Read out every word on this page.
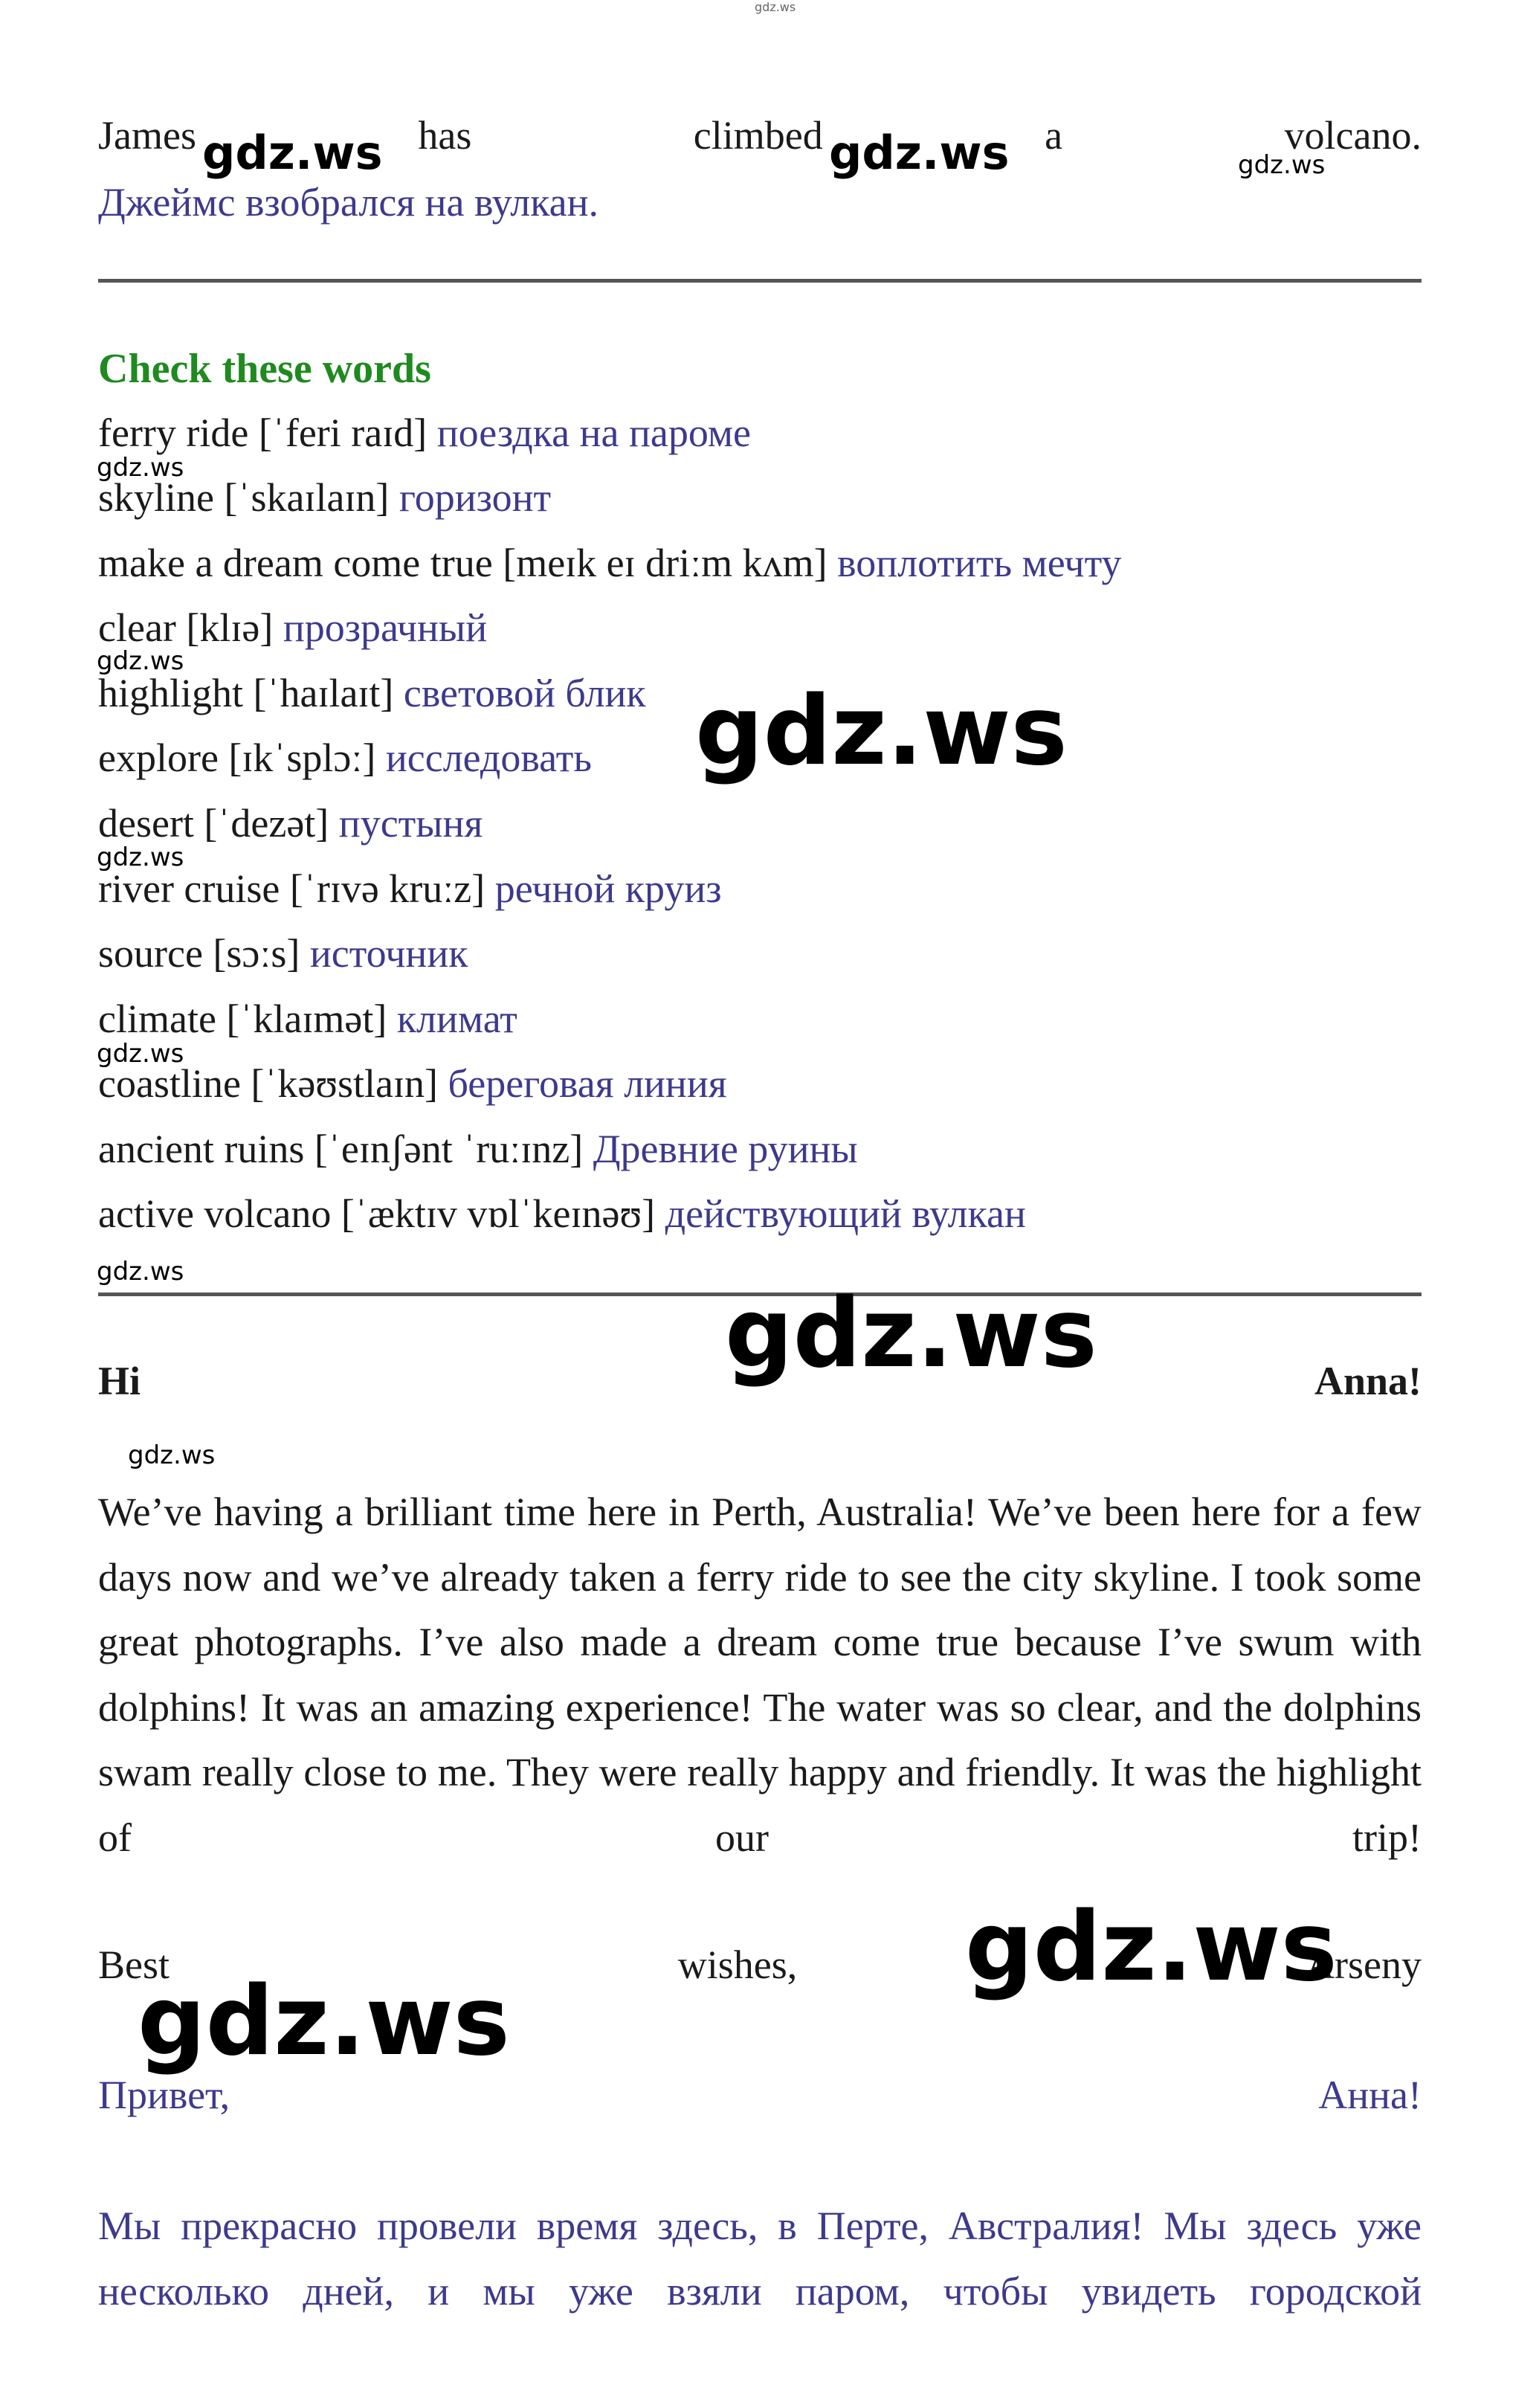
gdz.ws
James	has	climbed	a	volcano.
Джеймс взобрался на вулкан.
gdz.ws	gdz.ws	gdz.ws
Check these words
ferry ride [ˈferi raɪd] поездка на пароме
skyline [ˈskaɪlaɪn] горизонт
make a dream come true [meɪk eɪ driːm kʌm] воплотить мечту
clear [klɪə] прозрачный
highlight [ˈhaɪlaɪt] световой блик
explore [ɪkˈsplɔː] исследовать
desert [ˈdezət] пустыня
river cruise [ˈrɪvə kruːz] речной круиз
source [sɔːs] источник
climate [ˈklaɪmət] климат
coastline [ˈkəʊstlaɪn] береговая линия
ancient ruins [ˈeɪnʃənt ˈruːɪnz] Древние руины
active volcano [ˈæktɪv vɒlˈkeɪnəʊ] действующий вулкан
gdz.ws
gdz.ws
gdz.ws
gdz.ws
gdz.ws
gdz.ws
Hi	Anna!
gdz.ws
gdz.ws
We’ve having a brilliant time here in Perth, Australia! We’ve been here for a few days now and we’ve already taken a ferry ride to see the city skyline. I took some great photographs. I’ve also made a dream come true because I’ve swum with dolphins! It was an amazing experience! The water was so clear, and the dolphins swam really close to me. They were really happy and friendly. It was the highlight of our trip!
Best	wishes,	Arseny
gdz.ws
gdz.ws
Привет,	Анна!
Мы прекрасно провели время здесь, в Перте, Австралия! Мы здесь уже несколько дней, и мы уже взяли паром, чтобы увидеть городской
